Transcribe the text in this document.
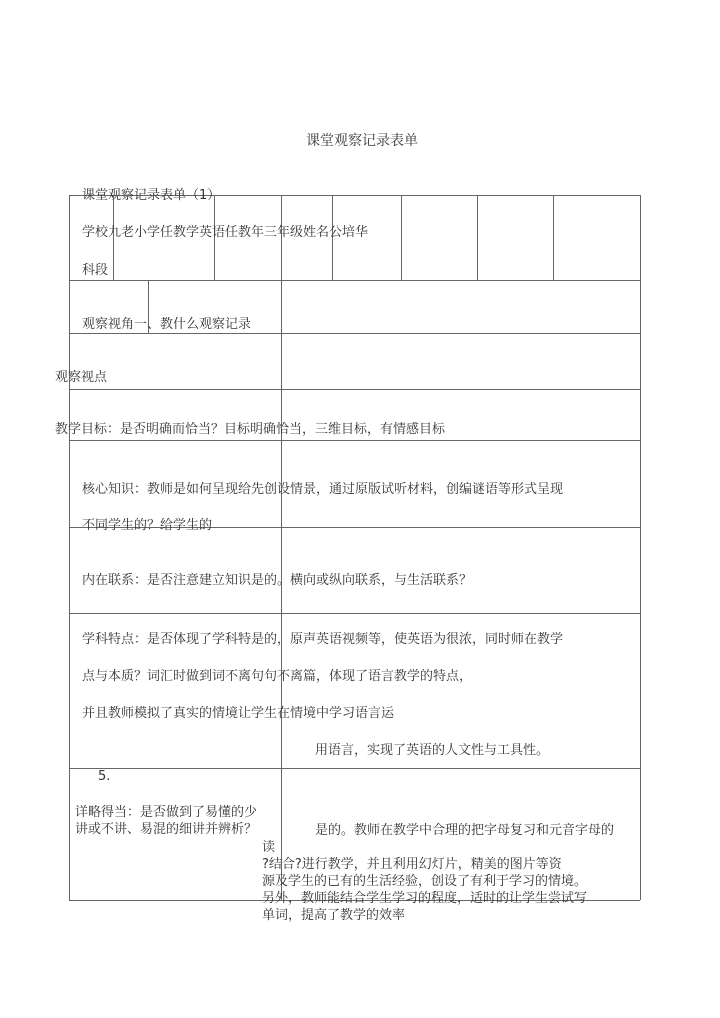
课堂观察记录表单
课堂观察记录表单（1）
学校九老小学任教学英语任教年三年级姓名公培华
科段
观察视角一、教什么观察记录
观察视点
教学目标：是否明确而恰当？目标明确恰当，三维目标，有情感目标
核心知识：教师是如何呈现给先创设情景，通过原版试听材料，创编谜语等形式呈现
不同学生的？给学生的
内在联系：是否注意建立知识是的。横向或纵向联系，与生活联系？
学科特点：是否体现了学科特是的，原声英语视频等，使英语为很浓，同时师在教学
点与本质？词汇时做到词不离句句不离篇，体现了语言教学的特点，
并且教师模拟了真实的情境让学生在情境中学习语言运
用语言，实现了英语的人文性与工具性。
5.
详略得当：是否做到了易懂的少
讲或不讲、易混的细讲并辨析？	是的。教师在教学中合理的把字母复习和元音字母的
读
?结合?进行教学，并且利用幻灯片，精美的图片等资
源及学生的已有的生活经验，创设了有利于学习的情境。
另外，教师能结合学生学习的程度，适时的让学生尝试写
单词，提高了教学的效率
